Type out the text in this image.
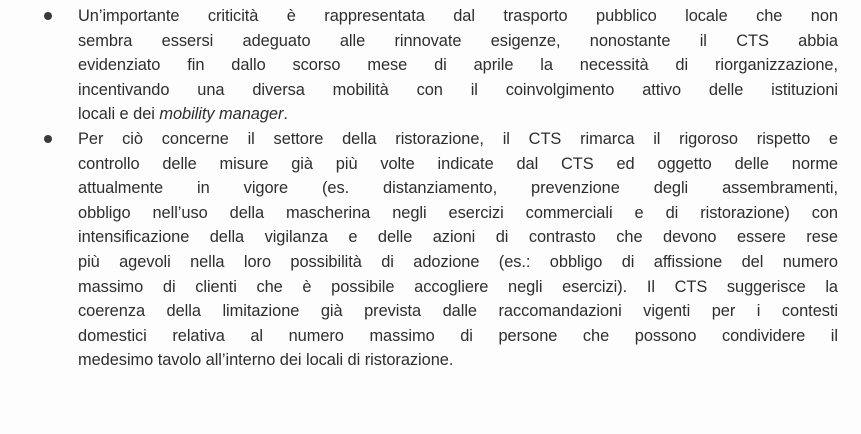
Un’importante criticità è rappresentata dal trasporto pubblico locale che non
sembra essersi adeguato alle rinnovate esigenze, nonostante il CTS abbia
evidenziato fin dallo scorso mese di aprile la necessità di riorganizzazione,
incentivando una diversa mobilità con il coinvolgimento attivo delle istituzioni
locali e dei mobility manager.
Per ciò concerne il settore della ristorazione, il CTS rimarca il rigoroso rispetto e
controllo delle misure già più volte indicate dal CTS ed oggetto delle norme
attualmente in vigore (es. distanziamento, prevenzione degli assembramenti,
obbligo nell’uso della mascherina negli esercizi commerciali e di ristorazione) con
intensificazione della vigilanza e delle azioni di contrasto che devono essere rese
più agevoli nella loro possibilità di adozione (es.: obbligo di affissione del numero
massimo di clienti che è possibile accogliere negli esercizi). Il CTS suggerisce la
coerenza della limitazione già prevista dalle raccomandazioni vigenti per i contesti
domestici relativa al numero massimo di persone che possono condividere il
medesimo tavolo all’interno dei locali di ristorazione.
